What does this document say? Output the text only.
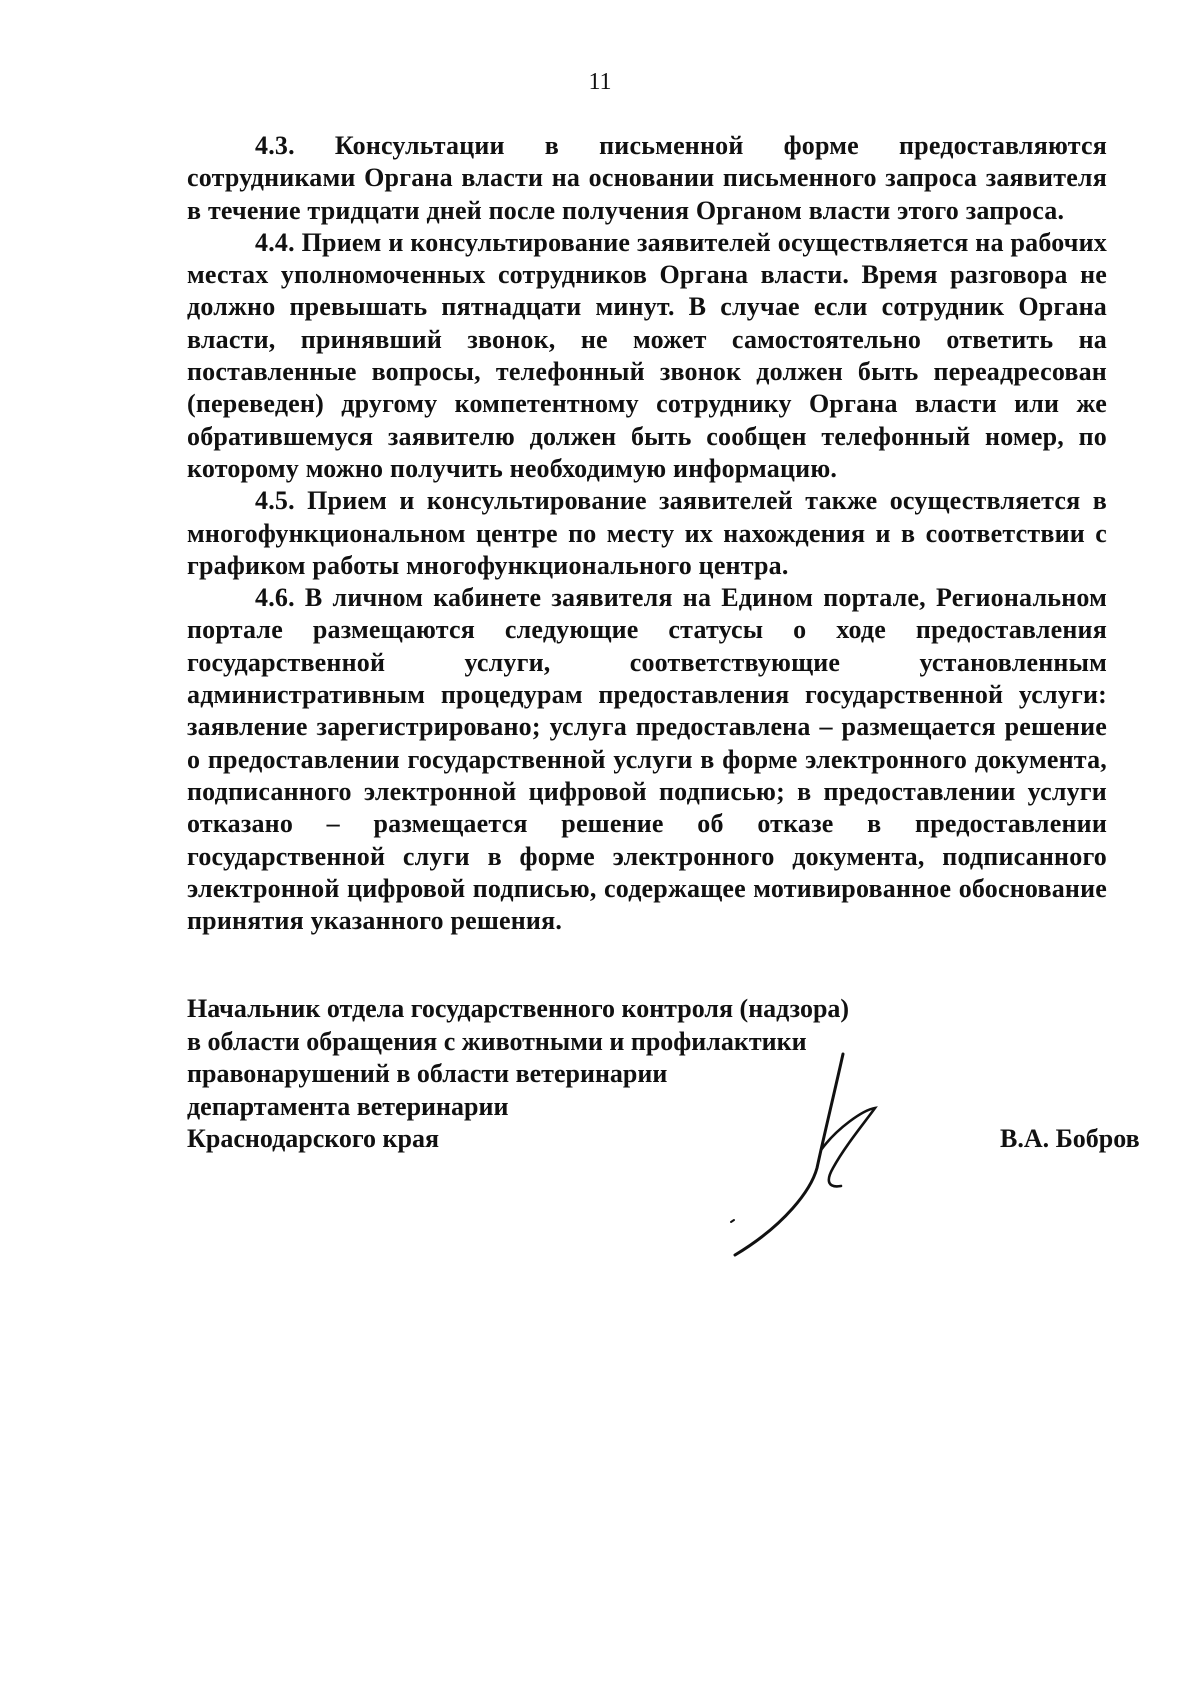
11

4.3. Консультации в письменной форме предоставляются сотрудниками Органа власти на основании письменного запроса заявителя в течение тридцати дней после получения Органом власти этого запроса.

4.4. Прием и консультирование заявителей осуществляется на рабочих местах уполномоченных сотрудников Органа власти. Время разговора не должно превышать пятнадцати минут. В случае если сотрудник Органа власти, принявший звонок, не может самостоятельно ответить на поставленные вопросы, телефонный звонок должен быть переадресован (переведен) другому компетентному сотруднику Органа власти или же обратившемуся заявителю должен быть сообщен телефонный номер, по которому можно получить необходимую информацию.

4.5. Прием и консультирование заявителей также осуществляется в многофункциональном центре по месту их нахождения и в соответствии с графиком работы многофункционального центра.

4.6. В личном кабинете заявителя на Едином портале, Региональном портале размещаются следующие статусы о ходе предоставления государственной услуги, соответствующие установленным административным процедурам предоставления государственной услуги: заявление зарегистрировано; услуга предоставлена – размещается решение о предоставлении государственной услуги в форме электронного документа, подписанного электронной цифровой подписью; в предоставлении услуги отказано – размещается решение об отказе в предоставлении государственной слуги в форме электронного документа, подписанного электронной цифровой подписью, содержащее мотивированное обоснование принятия указанного решения.

Начальник отдела государственного контроля (надзора)
в области обращения с животными и профилактики
правонарушений в области ветеринарии
департамента ветеринарии
Краснодарского края	В.А. Бобров
